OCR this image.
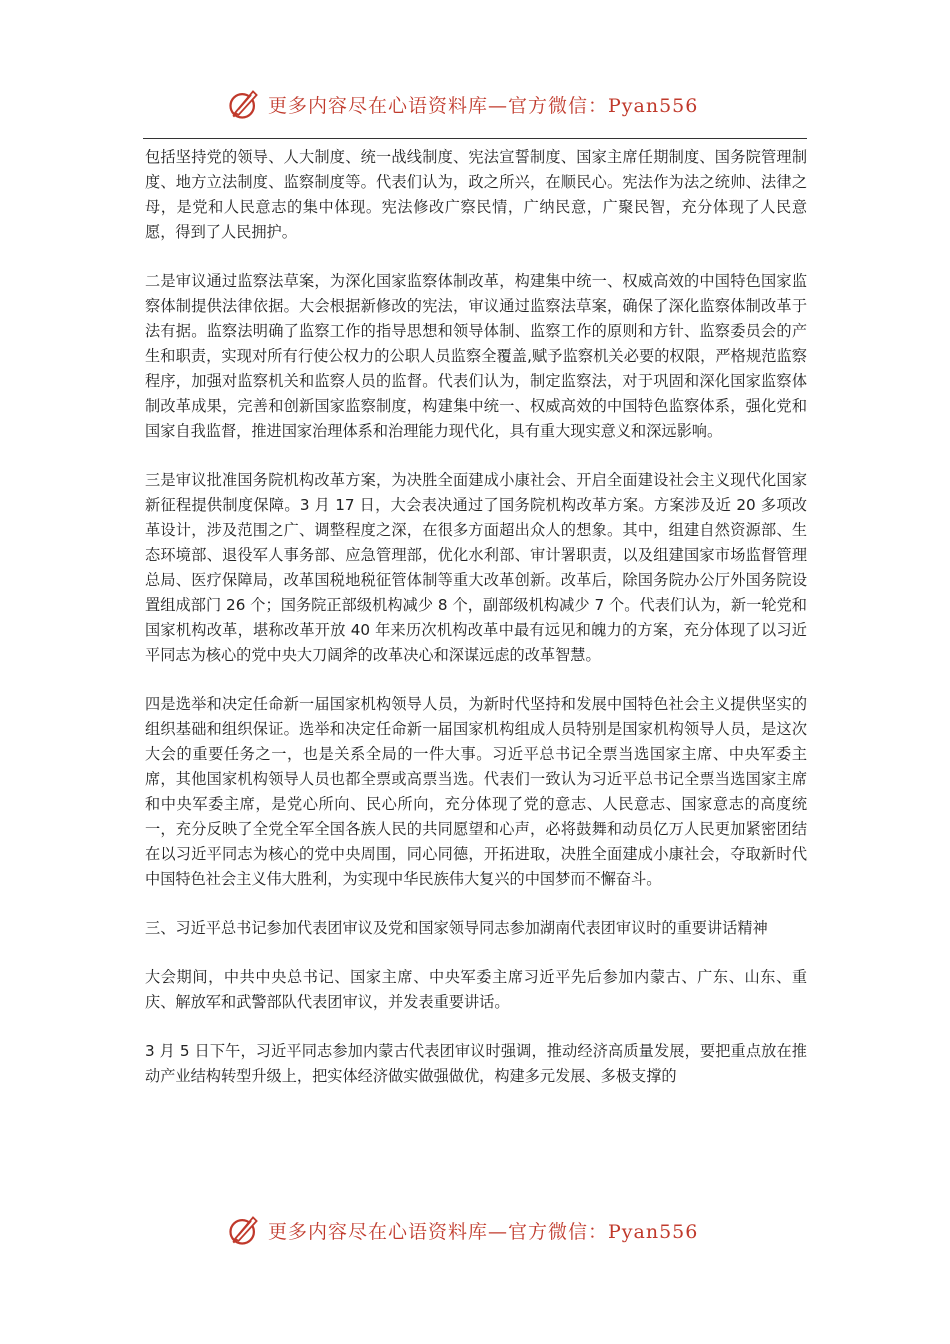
更多内容尽在心语资料库—官方微信：Pyan556

包括坚持党的领导、人大制度、统一战线制度、宪法宣誓制度、国家主席任期制度、国务院管理制度、地方立法制度、监察制度等。代表们认为，政之所兴，在顺民心。宪法作为法之统帅、法律之母，是党和人民意志的集中体现。宪法修改广察民情，广纳民意，广聚民智，充分体现了人民意愿，得到了人民拥护。

二是审议通过监察法草案，为深化国家监察体制改革，构建集中统一、权威高效的中国特色国家监察体制提供法律依据。大会根据新修改的宪法，审议通过监察法草案，确保了深化监察体制改革于法有据。监察法明确了监察工作的指导思想和领导体制、监察工作的原则和方针、监察委员会的产生和职责，实现对所有行使公权力的公职人员监察全覆盖,赋予监察机关必要的权限，严格规范监察程序，加强对监察机关和监察人员的监督。代表们认为，制定监察法，对于巩固和深化国家监察体制改革成果，完善和创新国家监察制度，构建集中统一、权威高效的中国特色监察体系，强化党和国家自我监督，推进国家治理体系和治理能力现代化，具有重大现实意义和深远影响。

三是审议批准国务院机构改革方案，为决胜全面建成小康社会、开启全面建设社会主义现代化国家新征程提供制度保障。3 月 17 日，大会表决通过了国务院机构改革方案。方案涉及近 20 多项改革设计，涉及范围之广、调整程度之深，在很多方面超出众人的想象。其中，组建自然资源部、生态环境部、退役军人事务部、应急管理部，优化水利部、审计署职责，以及组建国家市场监督管理总局、医疗保障局，改革国税地税征管体制等重大改革创新。改革后，除国务院办公厅外国务院设置组成部门 26 个；国务院正部级机构减少 8 个，副部级机构减少 7 个。代表们认为，新一轮党和国家机构改革，堪称改革开放 40 年来历次机构改革中最有远见和魄力的方案，充分体现了以习近平同志为核心的党中央大刀阔斧的改革决心和深谋远虑的改革智慧。

四是选举和决定任命新一届国家机构领导人员，为新时代坚持和发展中国特色社会主义提供坚实的组织基础和组织保证。选举和决定任命新一届国家机构组成人员特别是国家机构领导人员，是这次大会的重要任务之一，也是关系全局的一件大事。习近平总书记全票当选国家主席、中央军委主席，其他国家机构领导人员也都全票或高票当选。代表们一致认为习近平总书记全票当选国家主席和中央军委主席，是党心所向、民心所向，充分体现了党的意志、人民意志、国家意志的高度统一，充分反映了全党全军全国各族人民的共同愿望和心声，必将鼓舞和动员亿万人民更加紧密团结在以习近平同志为核心的党中央周围，同心同德，开拓进取，决胜全面建成小康社会，夺取新时代中国特色社会主义伟大胜利，为实现中华民族伟大复兴的中国梦而不懈奋斗。

三、习近平总书记参加代表团审议及党和国家领导同志参加湖南代表团审议时的重要讲话精神

大会期间，中共中央总书记、国家主席、中央军委主席习近平先后参加内蒙古、广东、山东、重庆、解放军和武警部队代表团审议，并发表重要讲话。

3 月 5 日下午，习近平同志参加内蒙古代表团审议时强调，推动经济高质量发展，要把重点放在推动产业结构转型升级上，把实体经济做实做强做优，构建多元发展、多极支撑的

更多内容尽在心语资料库—官方微信：Pyan556
